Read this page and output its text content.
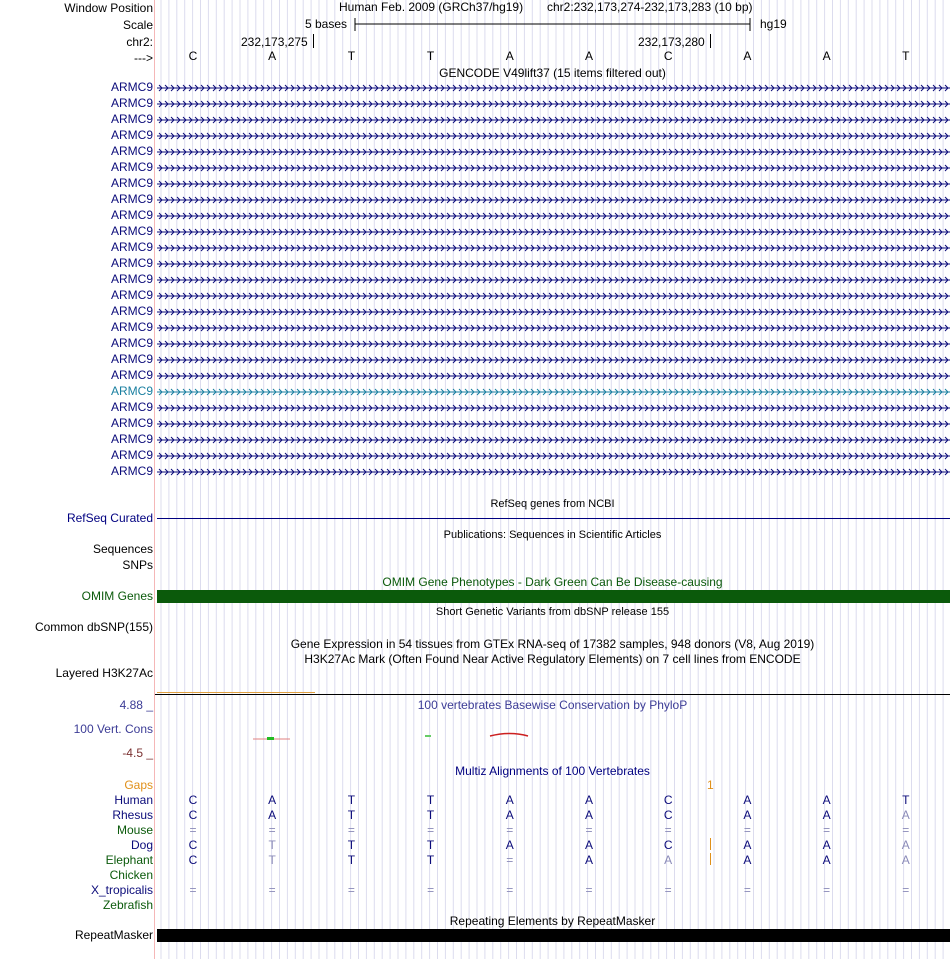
Window Position
Scale
chr2:
--->
Human Feb. 2009 (GRCh37/hg19) chr2:232,173,274-232,173,283 (10 bp)
5 bases	hg19
232,173,275	232,173,280
C	A	T	T	A	A	C	A	A	T
GENCODE V49lift37 (15 items filtered out)
ARMC9
ARMC9
ARMC9
ARMC9
ARMC9
ARMC9
ARMC9
ARMC9
ARMC9
ARMC9
ARMC9
ARMC9
ARMC9
ARMC9
ARMC9
ARMC9
ARMC9
ARMC9
ARMC9
ARMC9
ARMC9
ARMC9
ARMC9
ARMC9
ARMC9
RefSeq genes from NCBI
RefSeq Curated
Publications: Sequences in Scientific Articles
Sequences
SNPs
OMIM Gene Phenotypes - Dark Green Can Be Disease-causing
OMIM Genes
Short Genetic Variants from dbSNP release 155
Common dbSNP(155)
Gene Expression in 54 tissues from GTEx RNA-seq of 17382 samples, 948 donors (V8, Aug 2019)
H3K27Ac Mark (Often Found Near Active Regulatory Elements) on 7 cell lines from ENCODE
Layered H3K27Ac
4.88 _	100 vertebrates Basewise Conservation by PhyloP
100 Vert. Cons
-4.5 _
Multiz Alignments of 100 Vertebrates
Gaps	1
Human	C	A	T	T	A	A	C	A	A	T
Rhesus	C	A	T	T	A	A	C	A	A	A
Mouse	=	=	=	=	=	=	=	=	=	=
Dog	C	T	T	T	A	A	C	A	A	A
Elephant	C	T	T	T	=	A	A	A	A	A
Chicken
X_tropicalis	=	=	=	=	=	=	=	=	=	=
Zebrafish
Repeating Elements by RepeatMasker
RepeatMasker
